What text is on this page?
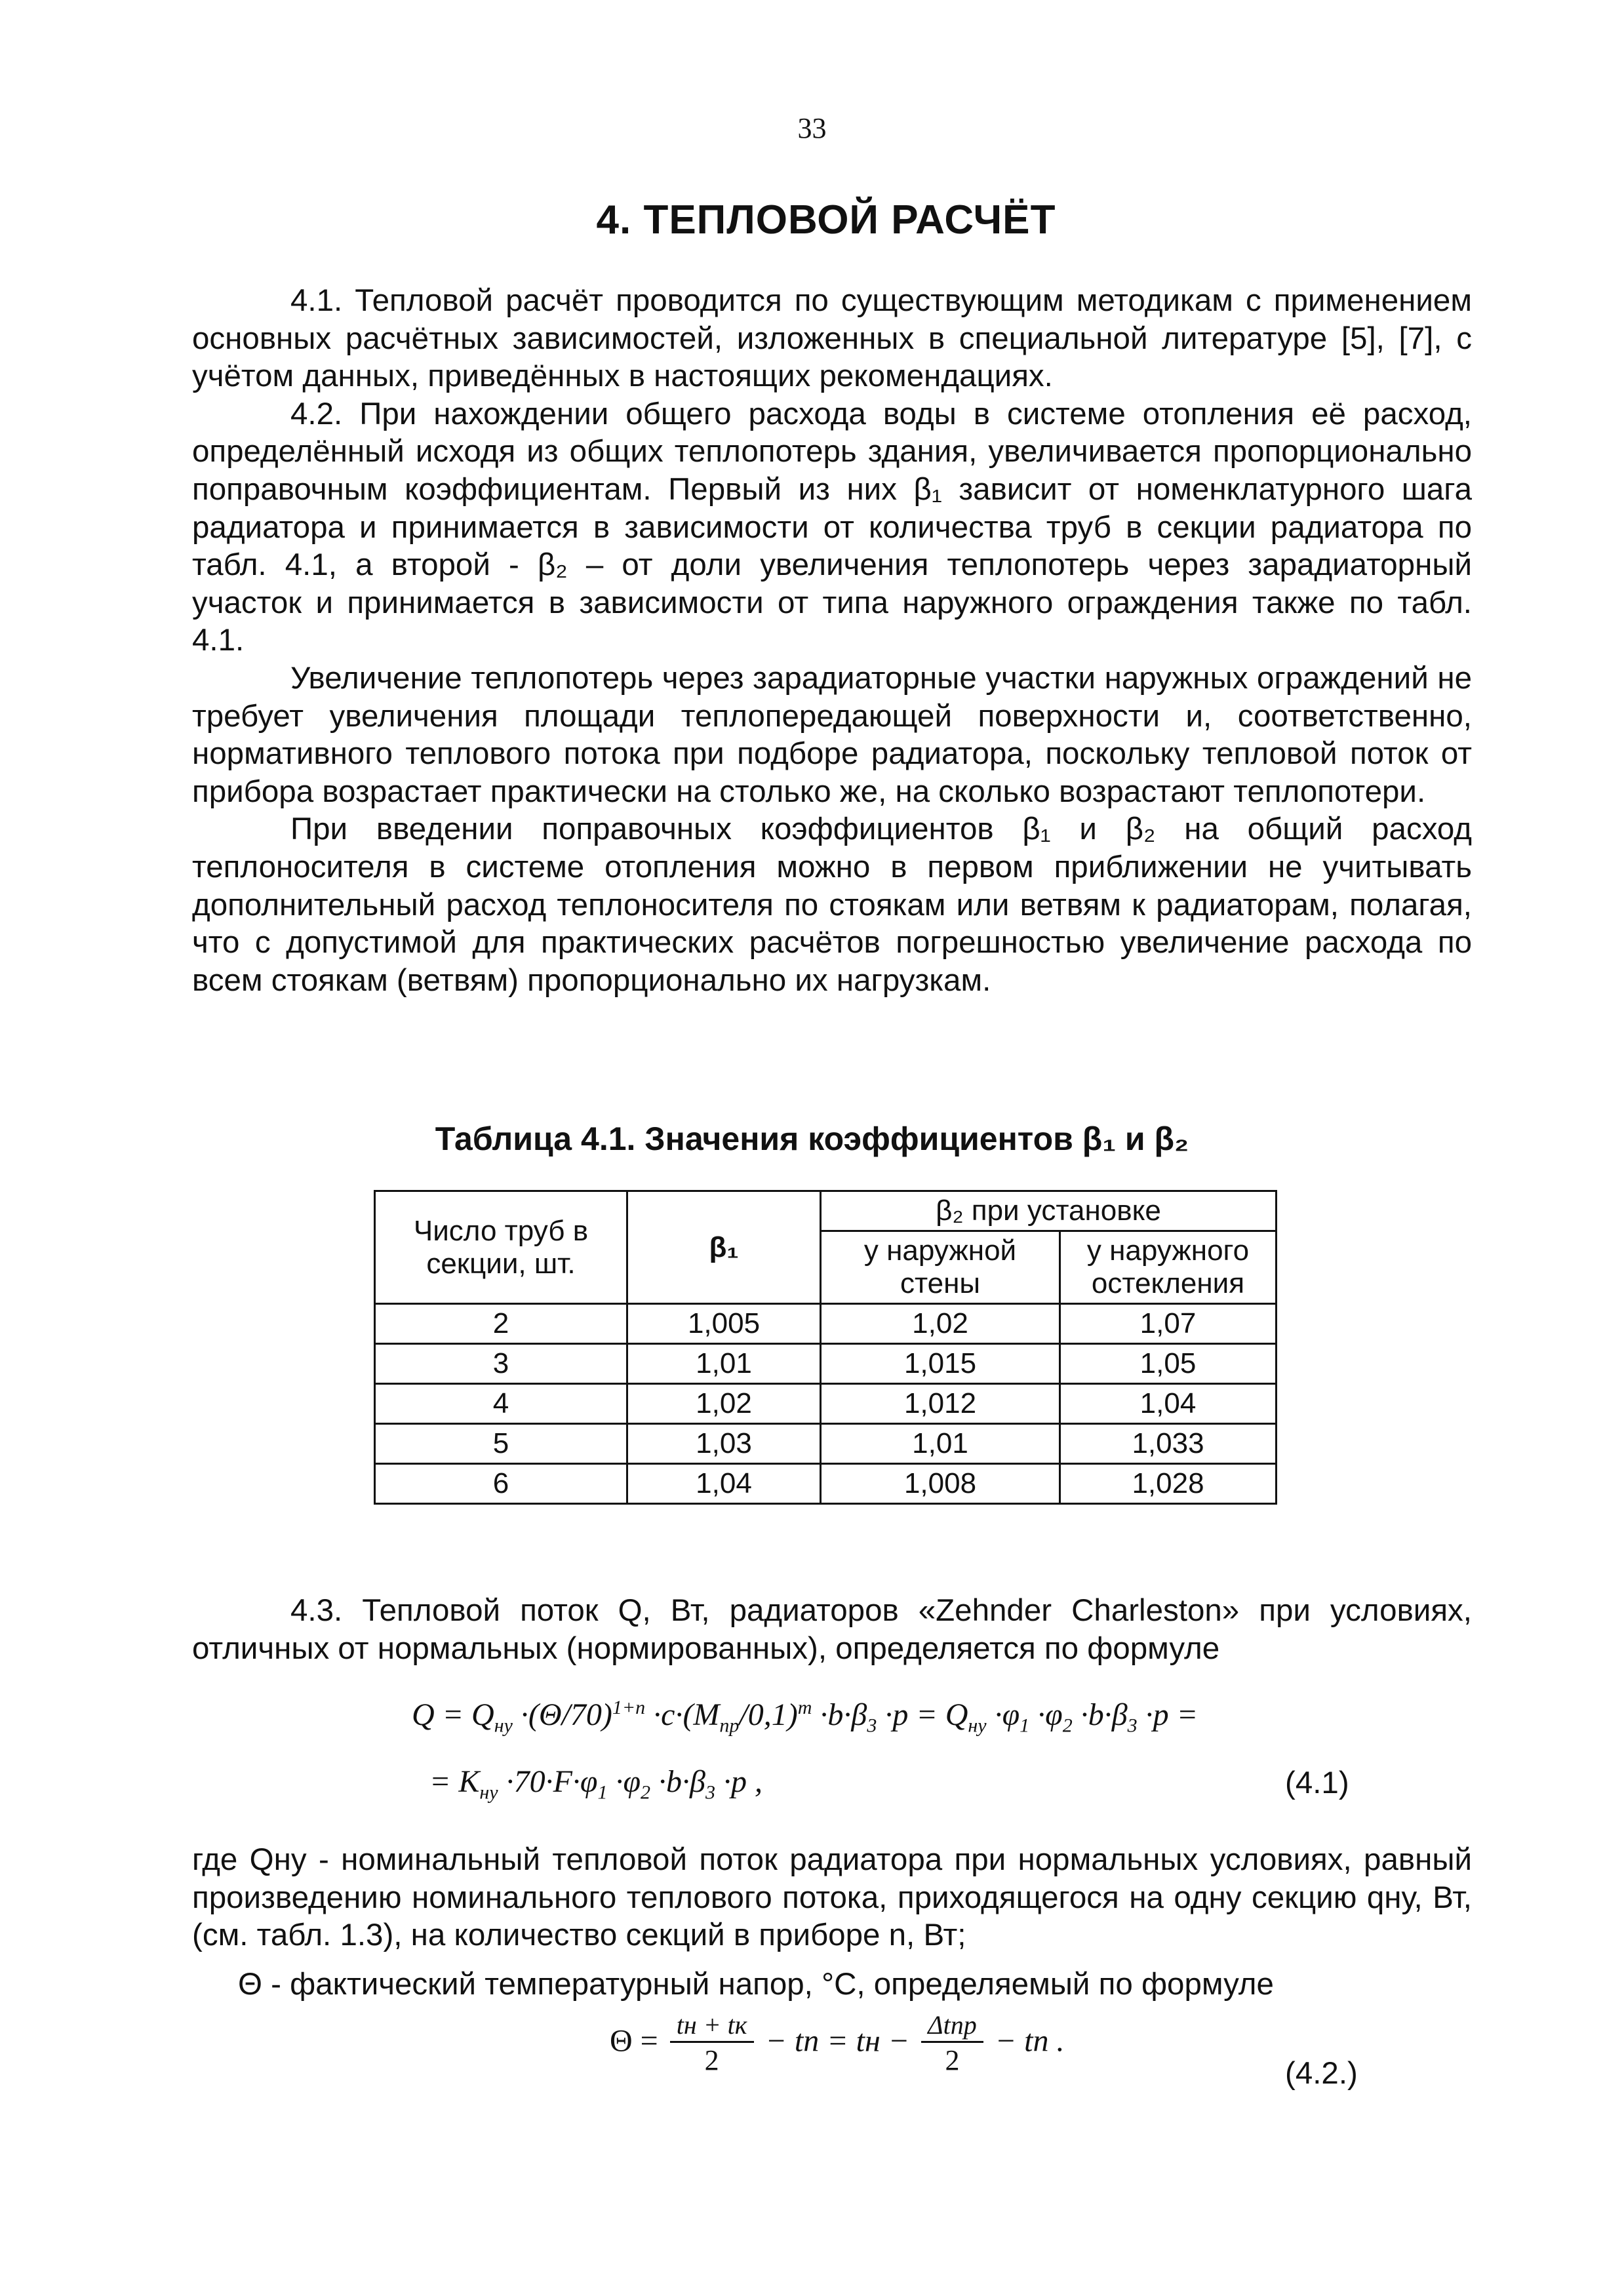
33
4. ТЕПЛОВОЙ РАСЧЁТ

4.1. Тепловой расчёт проводится по существующим методикам с применением основных расчётных зависимостей, изложенных в специальной литературе [5], [7], с учётом данных, приведённых в настоящих рекомендациях.

4.2. При нахождении общего расхода воды в системе отопления её расход, определённый исходя из общих теплопотерь здания, увеличивается пропорционально поправочным коэффициентам. Первый из них β₁ зависит от номенклатурного шага радиатора и принимается в зависимости от количества труб в секции радиатора по табл. 4.1, а второй - β₂ – от доли увеличения теплопотерь через зарадиаторный участок и принимается в зависимости от типа наружного ограждения также по табл. 4.1.

Увеличение теплопотерь через зарадиаторные участки наружных ограждений не требует увеличения площади теплопередающей поверхности и, соответственно, нормативного теплового потока при подборе радиатора, поскольку тепловой поток от прибора возрастает практически на столько же, на сколько возрастают теплопотери.

При введении поправочных коэффициентов β₁ и β₂ на общий расход теплоносителя в системе отопления можно в первом приближении не учитывать дополнительный расход теплоносителя по стоякам или ветвям к радиаторам, полагая, что с допустимой для практических расчётов погрешностью увеличение расхода по всем стоякам (ветвям) пропорционально их нагрузкам.

Таблица 4.1. Значения коэффициентов β₁ и β₂
Число труб в секции, шт.	β₁	β₂ при установке	
		у наружной стены	у наружного остекления
2	1,005	1,02	1,07
3	1,01	1,015	1,05
4	1,02	1,012	1,04
5	1,03	1,01	1,033
6	1,04	1,008	1,028

4.3. Тепловой поток Q, Вт, радиаторов «Zehnder Charleston» при условиях, отличных от нормальных (нормированных), определяется по формуле

$Q = Q_{ну} \cdot(\Theta/70)^{1+n} \cdot c\cdot(M_{пр}/0,1)^m \cdot b\cdot\beta_3 \cdot p = Q_{ну} \cdot\varphi_1 \cdot\varphi_2 \cdot b\cdot\beta_3 \cdot p$ =
= $K_{ну} \cdot 70\cdot F\cdot\varphi_1 \cdot\varphi_2 \cdot b\cdot\beta_3 \cdot p$ ,	(4.1)
где Qну - номинальный тепловой поток радиатора при нормальных условиях, равный произведению номинального теплового потока, приходящегося на одну секцию qну, Вт, (см. табл. 1.3), на количество секций в приборе n, Вт;
Θ - фактический температурный напор, °C, определяемый по формуле
$\Theta = \frac{tн + tк}{2}$ − tп = tн − $\frac{\text{Δtпр}}{2}$ − tп .
(4.2.)
